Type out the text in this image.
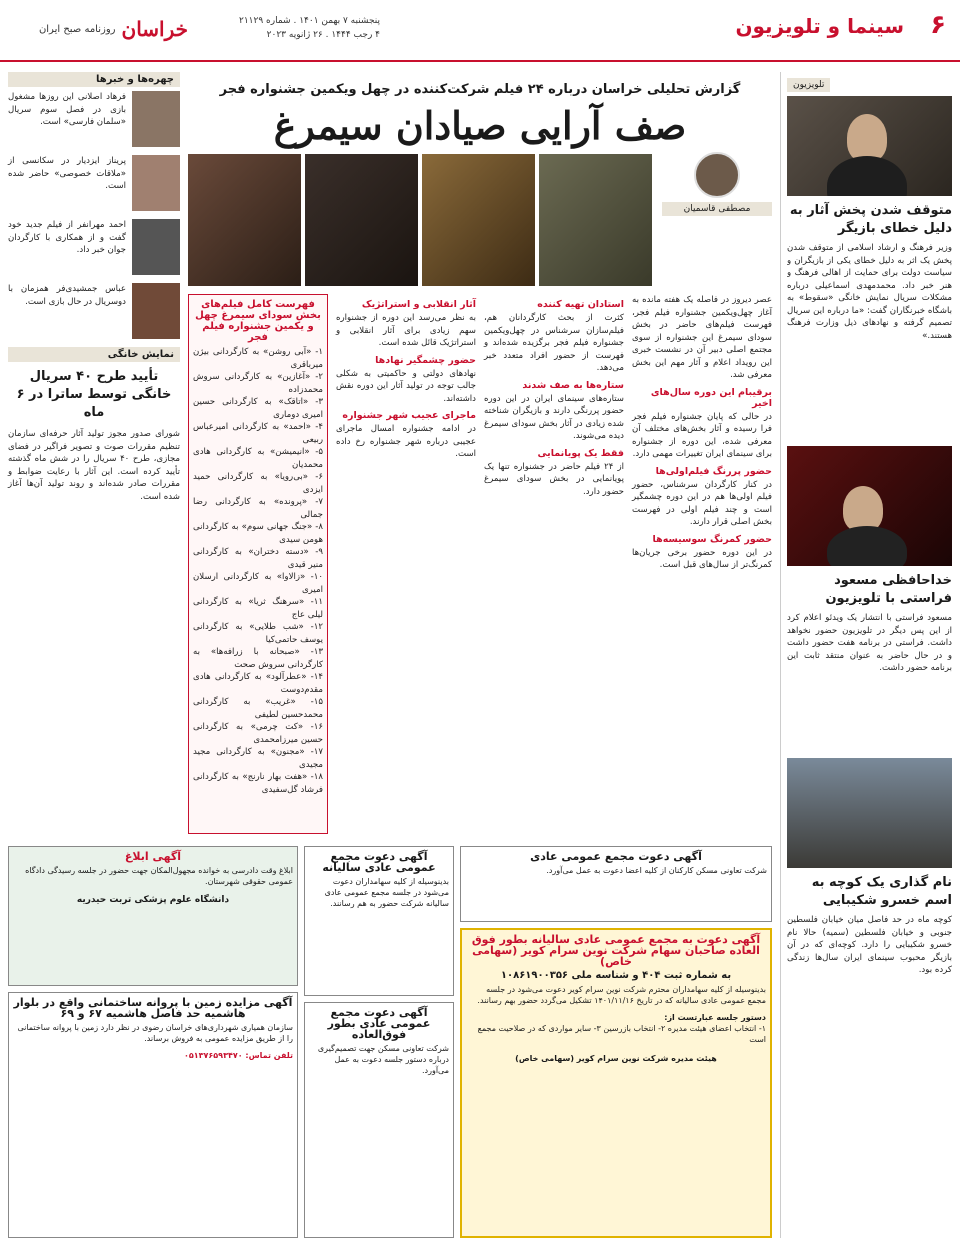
۶
سینما و تلویزیون
پنجشنبه ۷ بهمن ۱۴۰۱ . شماره ۲۱۱۲۹
۴ رجب ۱۴۴۴ . ۲۶ ژانویه ۲۰۲۳
خراسان
روزنامه صبح ایران
تلویزیون
متوقف شدن پخش آثار به دلیل خطای بازیگر
وزیر فرهنگ و ارشاد اسلامی از متوقف شدن پخش یک اثر به دلیل خطای یکی از بازیگران و سیاست دولت برای حمایت از اهالی فرهنگ و هنر خبر داد. محمدمهدی اسماعیلی درباره مشکلات سریال نمایش خانگی «سقوط» به باشگاه خبرنگاران گفت: «ما درباره این سریال تصمیم گرفته و نهادهای ذیل وزارت فرهنگ هستند.»
خداحافظی مسعود فراستی با تلویزیون
مسعود فراستی با انتشار یک ویدئو اعلام کرد از این پس دیگر در تلویزیون حضور نخواهد داشت. فراستی در برنامه هفت حضور داشت و در حال حاضر به عنوان منتقد ثابت این برنامه حضور داشت.
نام گذاری یک کوچه به اسم خسرو شکیبایی
کوچه ماه در حد فاصل میان خیابان فلسطین جنوبی و خیابان فلسطین (سمیه) حالا نام خسرو شکیبایی را دارد. کوچه‌ای که در آن بازیگر محبوب سینمای ایران سال‌ها زندگی کرده بود.
گزارش تحلیلی خراسان درباره ۲۴ فیلم شرکت‌کننده در چهل ویکمین جشنواره فجر
صف آرایی صیادان سیمرغ
مصطفی قاسمیان
عصر دیروز در فاصله یک هفته مانده به آغاز چهل‌ویکمین جشنواره فیلم فجر، فهرست فیلم‌های حاضر در بخش سودای سیمرغ این جشنواره از سوی مجتمع اصلی دبیر آن در نشست خبری این رویداد اعلام و آثار مهم این بخش معرفی شد.
برقیبام این دوره سال‌های اخیر
در حالی که پایان جشنواره فیلم فجر فرا رسیده و آثار بخش‌های مختلف آن معرفی شده، این دوره از جشنواره برای سینمای ایران تغییرات مهمی دارد.
حضور پررنگ فیلم‌اولی‌ها
در کنار کارگردان سرشناس، حضور فیلم اولی‌ها هم در این دوره چشمگیر است و چند فیلم اولی در فهرست بخش اصلی قرار دارند.
حضور کمرنگ سوسیسه‌ها
در این دوره حضور برخی جریان‌ها کمرنگ‌تر از سال‌های قبل است.
استادان تهیه کننده
کثرت از بحث کارگردانان هم، فیلم‌سازان سرشناس در چهل‌ویکمین جشنواره فیلم فجر برگزیده شده‌اند و فهرست از حضور افراد متعدد خبر می‌دهد.
ستاره‌ها به صف شدند
ستاره‌های سینمای ایران در این دوره حضور پررنگی دارند و بازیگران شناخته شده زیادی در آثار بخش سودای سیمرغ دیده می‌شوند.
فقط یک پویانمایی
از ۲۴ فیلم حاضر در جشنواره تنها یک پویانمایی در بخش سودای سیمرغ حضور دارد.
آثار انقلابی و استراتژیک
به نظر می‌رسد این دوره از جشنواره سهم زیادی برای آثار انقلابی و استراتژیک قائل شده است.
حضور چشمگیر نهادها
نهادهای دولتی و حاکمیتی به شکلی جالب توجه در تولید آثار این دوره نقش داشته‌اند.
ماجرای عجیب شهر جشنواره
در ادامه جشنواره امسال ماجرای عجیبی درباره شهر جشنواره رخ داده است.
فهرست کامل فیلم‌های بخش سودای سیمرغ چهل و یکمین جشنواره فیلم فجر
۱- «آبی روشن» به کارگردانی بیژن میرباقری
۲- «آغازین» به کارگردانی سروش محمدزاده
۳- «اتاقک» به کارگردانی حسین امیری دوماری
۴- «احمد» به کارگردانی امیرعباس ربیعی
۵- «انیمیشن» به کارگردانی هادی محمدیان
۶- «بی‌رویا» به کارگردانی حمید ایزدی
۷- «پرونده» به کارگردانی رضا جمالی
۸- «جنگ جهانی سوم» به کارگردانی هومن سیدی
۹- «دسته دختران» به کارگردانی منیر قیدی
۱۰- «زالاوا» به کارگردانی ارسلان امیری
۱۱- «سرهنگ ثریا» به کارگردانی لیلی عاج
۱۲- «شب طلایی» به کارگردانی یوسف حاتمی‌کیا
۱۳- «صبحانه با زرافه‌ها» به کارگردانی سروش صحت
۱۴- «عطرآلود» به کارگردانی هادی مقدم‌دوست
۱۵- «غریب» به کارگردانی محمدحسین لطیفی
۱۶- «کت چرمی» به کارگردانی حسین میرزامحمدی
۱۷- «مجنون» به کارگردانی مجید مجیدی
۱۸- «هفت بهار نارنج» به کارگردانی فرشاد گل‌سفیدی
چهره‌ها و خبرها
فرهاد اصلانی این روزها مشغول بازی در فصل سوم سریال «سلمان فارسی» است.
پریناز ایزدیار در سکانسی از «ملاقات خصوصی» حاضر شده است.
احمد مهرانفر از فیلم جدید خود گفت و از همکاری با کارگردان جوان خبر داد.
عباس جمشیدی‌فر همزمان با دوسریال در حال بازی است.
نمایش خانگی
تأیید طرح ۴۰ سریال خانگی توسط ساترا در ۶ ماه
شورای صدور مجوز تولید آثار حرفه‌ای سازمان تنظیم مقررات صوت و تصویر فراگیر در فضای مجازی، طرح ۴۰ سریال را در شش ماه گذشته تأیید کرده است. این آثار با رعایت ضوابط و مقررات صادر شده‌اند و روند تولید آن‌ها آغاز شده است.
آگهی ابلاغ
ابلاغ وقت دادرسی به خوانده مجهول‌المکان جهت حضور در جلسه رسیدگی دادگاه عمومی حقوقی شهرستان.
دانشگاه علوم پزشکی تربت حیدریه
آگهی مزایده زمین با پروانه ساختمانی واقع در بلوار هاشمیه حد فاصل هاشمیه ۶۷ و ۶۹
سازمان همیاری شهرداری‌های خراسان رضوی در نظر دارد زمین با پروانه ساختمانی را از طریق مزایده عمومی به فروش برساند.
تلفن تماس: ۰۵۱۳۷۶۵۹۳۴۷۰
آگهی دعوت مجمع عمومی عادی سالیانه
بدینوسیله از کلیه سهامداران دعوت می‌شود در جلسه مجمع عمومی عادی سالیانه شرکت حضور به هم رسانند.
آگهی دعوت مجمع عمومی عادی بطور فوق‌العاده
شرکت تعاونی مسکن جهت تصمیم‌گیری درباره دستور جلسه دعوت به عمل می‌آورد.
آگهی دعوت مجمع عمومی عادی
شرکت تعاونی مسکن کارکنان از کلیه اعضا دعوت به عمل می‌آورد.
آگهی دعوت به مجمع عمومی عادی سالیانه بطور فوق العاده صاحبان سهام شرکت نوین سرام کویر (سهامی خاص)
به شماره ثبت ۴۰۴ و شناسه ملی ۱۰۸۶۱۹۰۰۳۵۶
بدینوسیله از کلیه سهامداران محترم شرکت نوین سرام کویر دعوت می‌شود در جلسه مجمع عمومی عادی سالیانه که در تاریخ ۱۴۰۱/۱۱/۱۶ تشکیل می‌گردد حضور بهم رسانند.
دستور جلسه عبارتست از:
۱- انتخاب اعضای هیئت مدیره ۲- انتخاب بازرسین ۳- سایر مواردی که در صلاحیت مجمع است
هیئت مدیره شرکت نوین سرام کویر (سهامی خاص)
